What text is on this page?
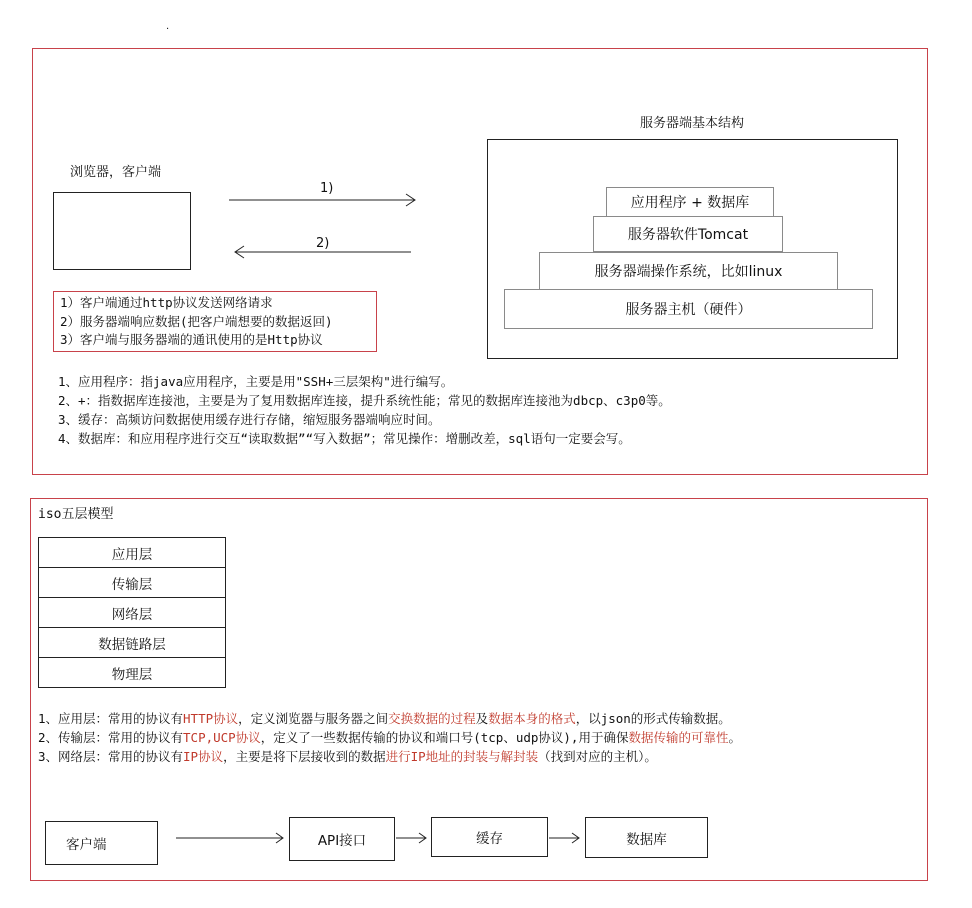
·
浏览器，客户端
1)
2)
1）客户端通过http协议发送网络请求
2）服务器端响应数据(把客户端想要的数据返回)
3）客户端与服务器端的通讯使用的是Http协议
服务器端基本结构
应用程序 + 数据库
服务器软件Tomcat
服务器端操作系统，比如linux
服务器主机（硬件）
1、应用程序：指java应用程序，主要是用"SSH+三层架构"进行编写。
2、+：指数据库连接池，主要是为了复用数据库连接，提升系统性能；常见的数据库连接池为dbcp、c3p0等。
3、缓存：高频访问数据使用缓存进行存储，缩短服务器端响应时间。
4、数据库：和应用程序进行交互“读取数据”“写入数据”；常见操作：增删改差，sql语句一定要会写。
iso五层模型
应用层
传输层
网络层
数据链路层
物理层
1、应用层：常用的协议有HTTP协议，定义浏览器与服务器之间交换数据的过程及数据本身的格式，以json的形式传输数据。
2、传输层：常用的协议有TCP,UCP协议，定义了一些数据传输的协议和端口号(tcp、udp协议),用于确保数据传输的可靠性。
3、网络层：常用的协议有IP协议，主要是将下层接收到的数据进行IP地址的封装与解封装（找到对应的主机）。
客户端	API接口	缓存	数据库
